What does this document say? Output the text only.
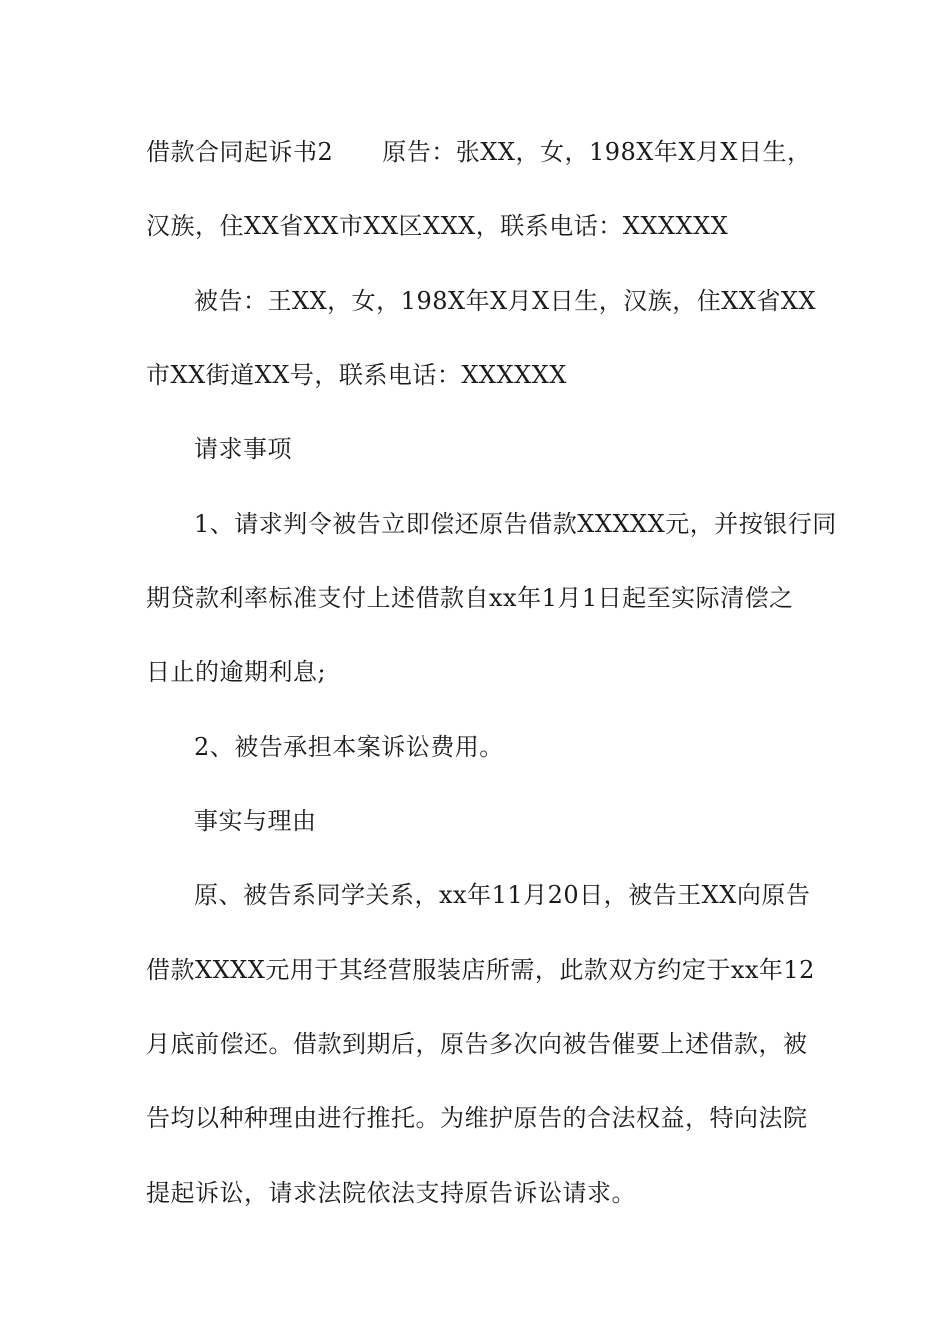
借款合同起诉书2　　原告：张XX，女，198X年X月X日生，
汉族，住XX省XX市XX区XXX，联系电话：XXXXXX
被告：王XX，女，198X年X月X日生，汉族，住XX省XX
市XX街道XX号，联系电话：XXXXXX
请求事项
1、请求判令被告立即偿还原告借款XXXXX元，并按银行同
期贷款利率标准支付上述借款自xx年1月1日起至实际清偿之
日止的逾期利息;
2、被告承担本案诉讼费用。
事实与理由
原、被告系同学关系，xx年11月20日，被告王XX向原告
借款XXXX元用于其经营服装店所需，此款双方约定于xx年12
月底前偿还。借款到期后，原告多次向被告催要上述借款，被
告均以种种理由进行推托。为维护原告的合法权益，特向法院
提起诉讼，请求法院依法支持原告诉讼请求。
